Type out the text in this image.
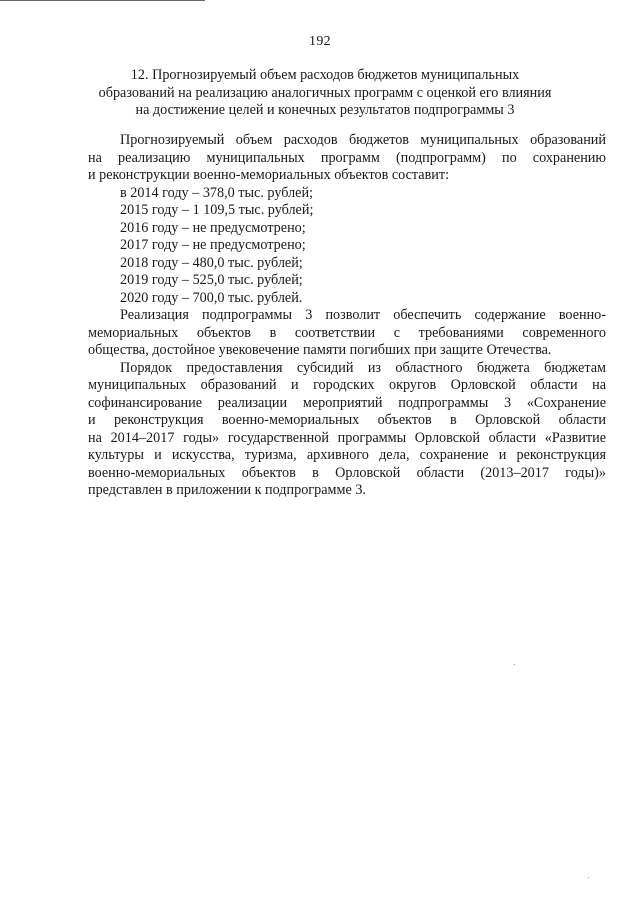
192
12. Прогнозируемый объем расходов бюджетов муниципальных
образований на реализацию аналогичных программ с оценкой его влияния
на достижение целей и конечных результатов подпрограммы 3
Прогнозируемый объем расходов бюджетов муниципальных образований
на реализацию муниципальных программ (подпрограмм) по сохранению
и реконструкции военно-мемориальных объектов составит:
в 2014 году – 378,0 тыс. рублей;
2015 году – 1 109,5 тыс. рублей;
2016 году – не предусмотрено;
2017 году – не предусмотрено;
2018 году – 480,0 тыс. рублей;
2019 году – 525,0 тыс. рублей;
2020 году – 700,0 тыс. рублей.
Реализация подпрограммы 3 позволит обеспечить содержание военно-
мемориальных объектов в соответствии с требованиями современного
общества, достойное увековечение памяти погибших при защите Отечества.
Порядок предоставления субсидий из областного бюджета бюджетам
муниципальных образований и городских округов Орловской области на
софинансирование реализации мероприятий подпрограммы 3 «Сохранение
и реконструкция военно-мемориальных объектов в Орловской области
на 2014–2017 годы» государственной программы Орловской области «Развитие
культуры и искусства, туризма, архивного дела, сохранение и реконструкция
военно-мемориальных объектов в Орловской области (2013–2017 годы)»
представлен в приложении к подпрограмме 3.
